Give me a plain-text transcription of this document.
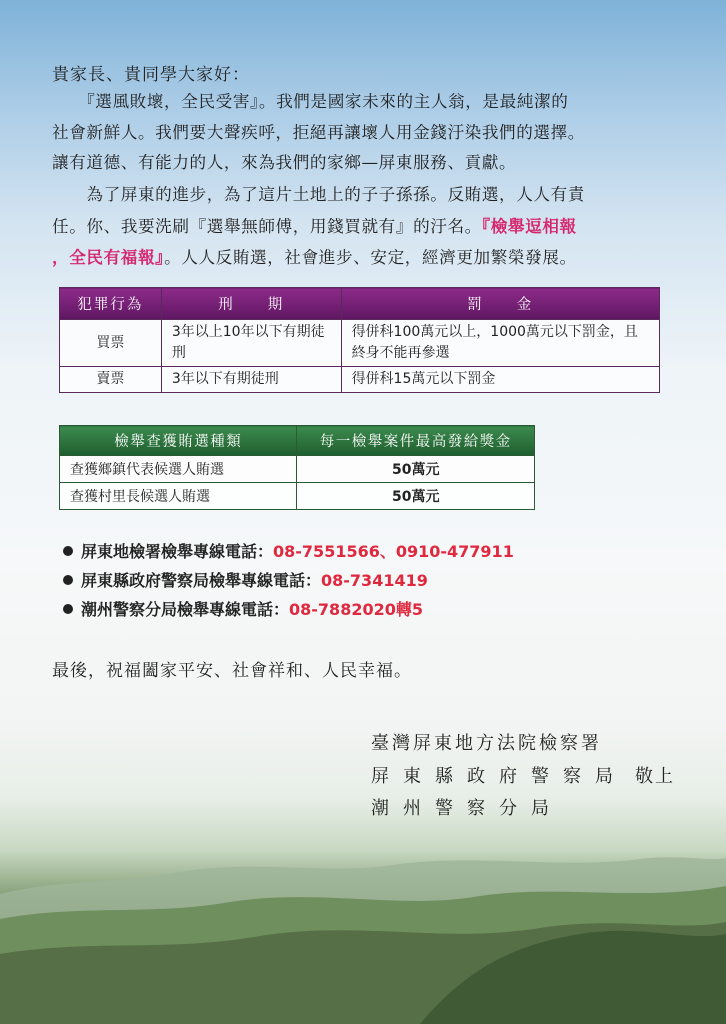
貴家長、貴同學大家好：

　　『選風敗壞，全民受害』。我們是國家未來的主人翁，是最純潔的
社會新鮮人。我們要大聲疾呼，拒絕再讓壞人用金錢汙染我們的選擇。
讓有道德、有能力的人，來為我們的家鄉—屏東服務、貢獻。

　　為了屏東的進步，為了這片土地上的子子孫孫。反賄選，人人有責
任。你、我要洗刷『選舉無師傅，用錢買就有』的汙名。『檢舉逗相報
，全民有福報』。人人反賄選，社會進步、安定，經濟更加繁榮發展。

犯罪行為	刑　　期	罰　　金
買票	3年以上10年以下有期徒刑	得併科100萬元以上，1000萬元以下罰金，且終身不能再參選
賣票	3年以下有期徒刑	得併科15萬元以下罰金
檢舉查獲賄選種類	每一檢舉案件最高發給獎金
查獲鄉鎮代表候選人賄選	50萬元
查獲村里長候選人賄選	50萬元
屏東地檢署檢舉專線電話：08-7551566、0910-477911
屏東縣政府警察局檢舉專線電話：08-7341419
潮州警察分局檢舉專線電話：08-7882020轉5
最後，祝福闔家平安、社會祥和、人民幸福。
臺灣屏東地方法院檢察署
屏東縣政府警察局 敬上
潮州警察分局
